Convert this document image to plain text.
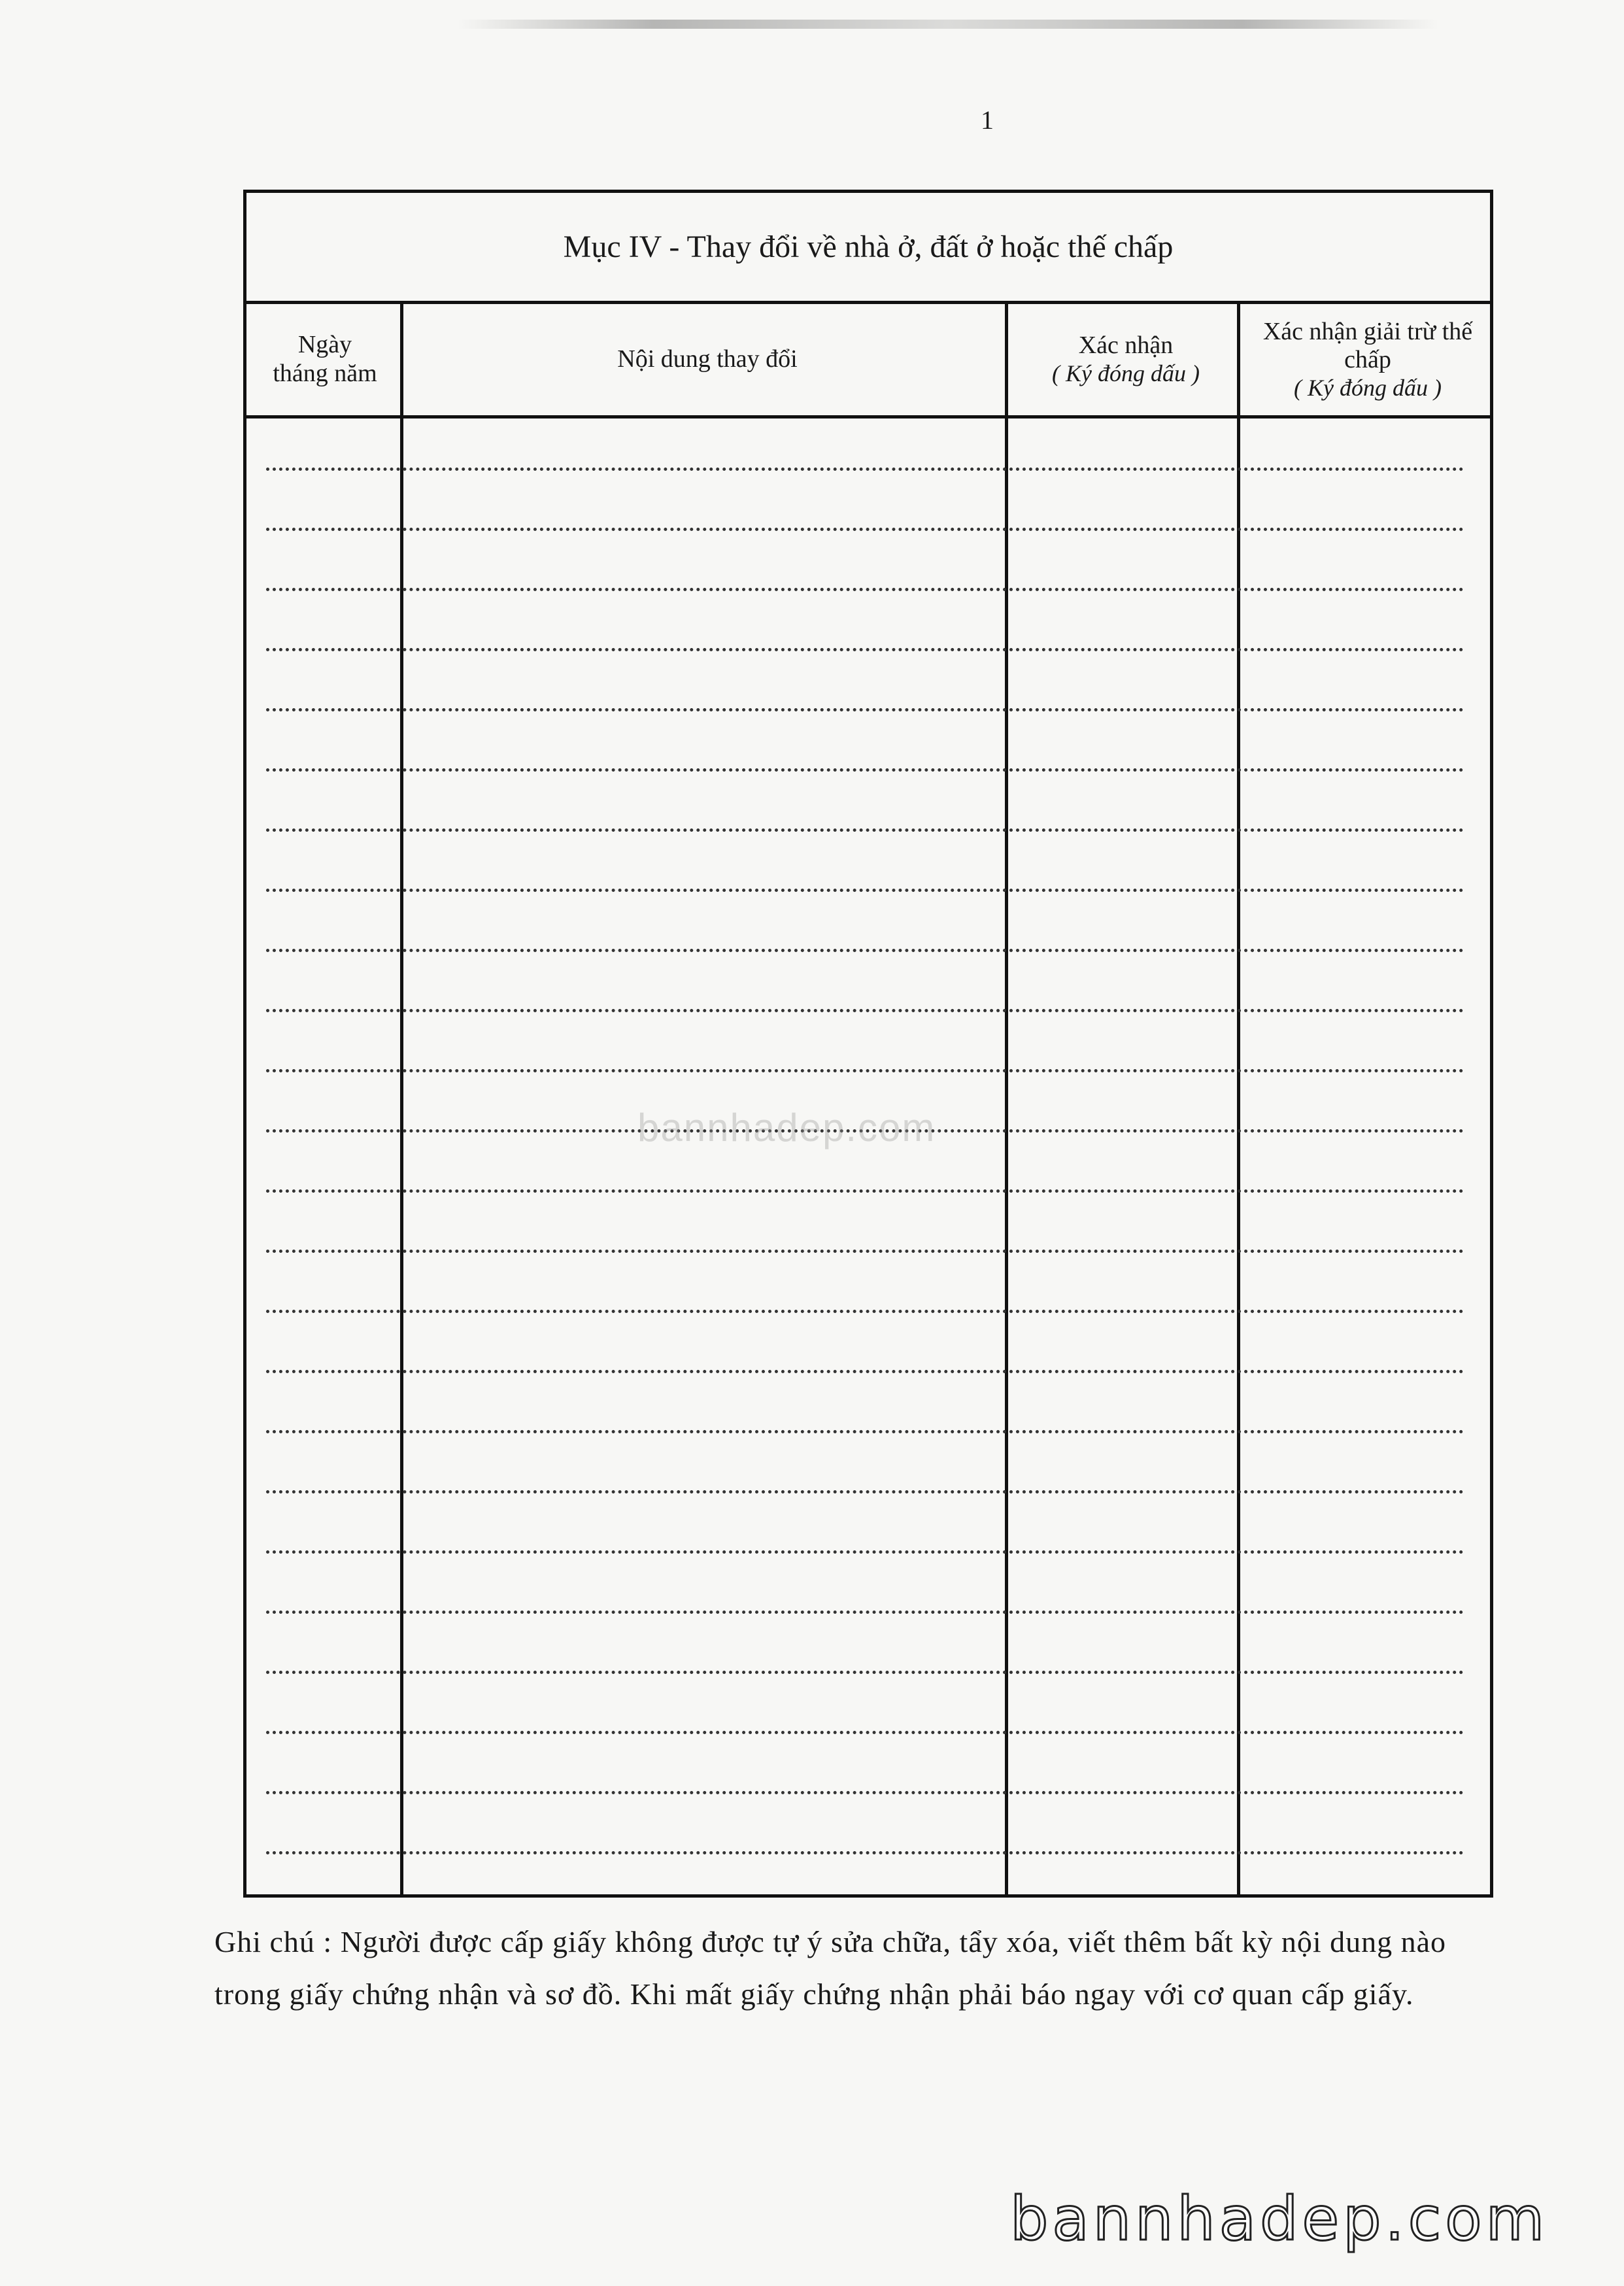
1
Mục IV - Thay đổi về nhà ở, đất ở hoặc thế chấp
Ngày tháng năm
Nội dung thay đổi	Xác nhận
( Ký đóng dấu )
Xác nhận giải trừ thế chấp
( Ký đóng dấu )
bannhadep.com
Ghi chú : Người được cấp giấy không được tự ý sửa chữa, tẩy xóa, viết thêm bất kỳ nội dung nào trong giấy chứng nhận và sơ đồ. Khi mất giấy chứng nhận phải báo ngay với cơ quan cấp giấy.
bannhadep.com
